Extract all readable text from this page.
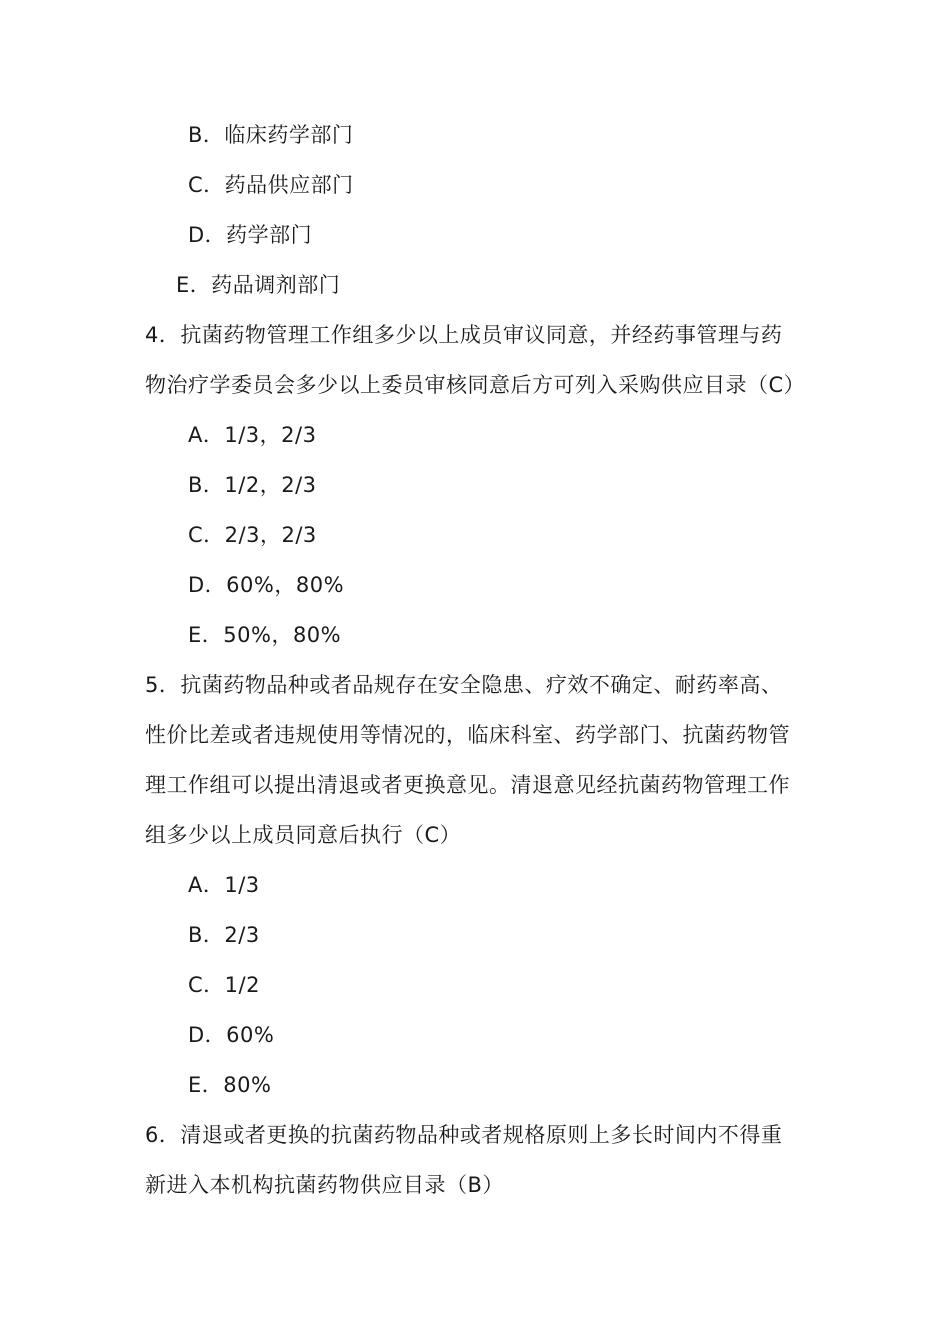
B．临床药学部门
C．药品供应部门
D．药学部门
E．药品调剂部门
4．抗菌药物管理工作组多少以上成员审议同意，并经药事管理与药
物治疗学委员会多少以上委员审核同意后方可列入采购供应目录（C）
A．1/3，2/3
B．1/2，2/3
C．2/3，2/3
D．60%，80%
E．50%，80%
5．抗菌药物品种或者品规存在安全隐患、疗效不确定、耐药率高、
性价比差或者违规使用等情况的，临床科室、药学部门、抗菌药物管
理工作组可以提出清退或者更换意见。清退意见经抗菌药物管理工作
组多少以上成员同意后执行（C）
A．1/3
B．2/3
C．1/2
D．60%
E．80%
6．清退或者更换的抗菌药物品种或者规格原则上多长时间内不得重
新进入本机构抗菌药物供应目录（B）
